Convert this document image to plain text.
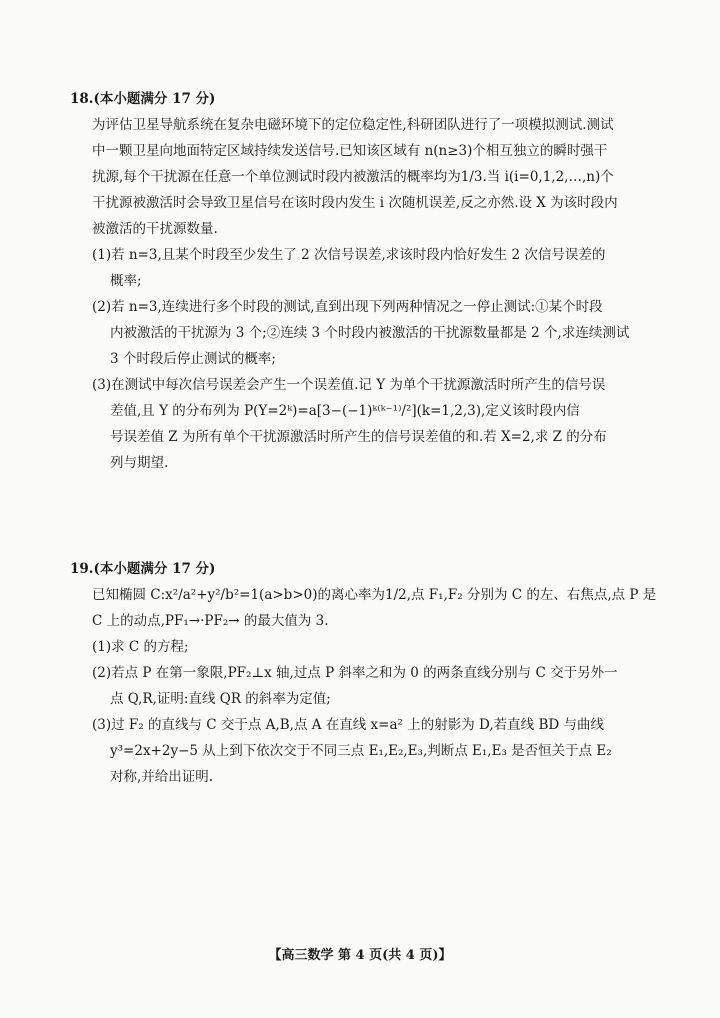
18.(本小题满分 17 分)
为评估卫星导航系统在复杂电磁环境下的定位稳定性,科研团队进行了一项模拟测试.测试
中一颗卫星向地面特定区域持续发送信号.已知该区域有 n(n≥3)个相互独立的瞬时强干
扰源,每个干扰源在任意一个单位测试时段内被激活的概率均为1/3.当 i(i=0,1,2,…,n)个
干扰源被激活时会导致卫星信号在该时段内发生 i 次随机误差,反之亦然.设 X 为该时段内
被激活的干扰源数量.
(1)若 n=3,且某个时段至少发生了 2 次信号误差,求该时段内恰好发生 2 次信号误差的
概率;
(2)若 n=3,连续进行多个时段的测试,直到出现下列两种情况之一停止测试:①某个时段
内被激活的干扰源为 3 个;②连续 3 个时段内被激活的干扰源数量都是 2 个,求连续测试
3 个时段后停止测试的概率;
(3)在测试中每次信号误差会产生一个误差值.记 Y 为单个干扰源激活时所产生的信号误
差值,且 Y 的分布列为 P(Y=2ᵏ)=a[3−(−1)ᵏ⁽ᵏ⁻¹⁾/²](k=1,2,3),定义该时段内信
号误差值 Z 为所有单个干扰源激活时所产生的信号误差值的和.若 X=2,求 Z 的分布
列与期望.
19.(本小题满分 17 分)
已知椭圆 C:x²/a²+y²/b²=1(a>b>0)的离心率为1/2,点 F₁,F₂ 分别为 C 的左、右焦点,点 P 是
C 上的动点,PF₁→·PF₂→ 的最大值为 3.
(1)求 C 的方程;
(2)若点 P 在第一象限,PF₂⊥x 轴,过点 P 斜率之和为 0 的两条直线分别与 C 交于另外一
点 Q,R,证明:直线 QR 的斜率为定值;
(3)过 F₂ 的直线与 C 交于点 A,B,点 A 在直线 x=a² 上的射影为 D,若直线 BD 与曲线
y³=2x+2y−5 从上到下依次交于不同三点 E₁,E₂,E₃,判断点 E₁,E₃ 是否恒关于点 E₂
对称,并给出证明.
【高三数学 第 4 页(共 4 页)】
